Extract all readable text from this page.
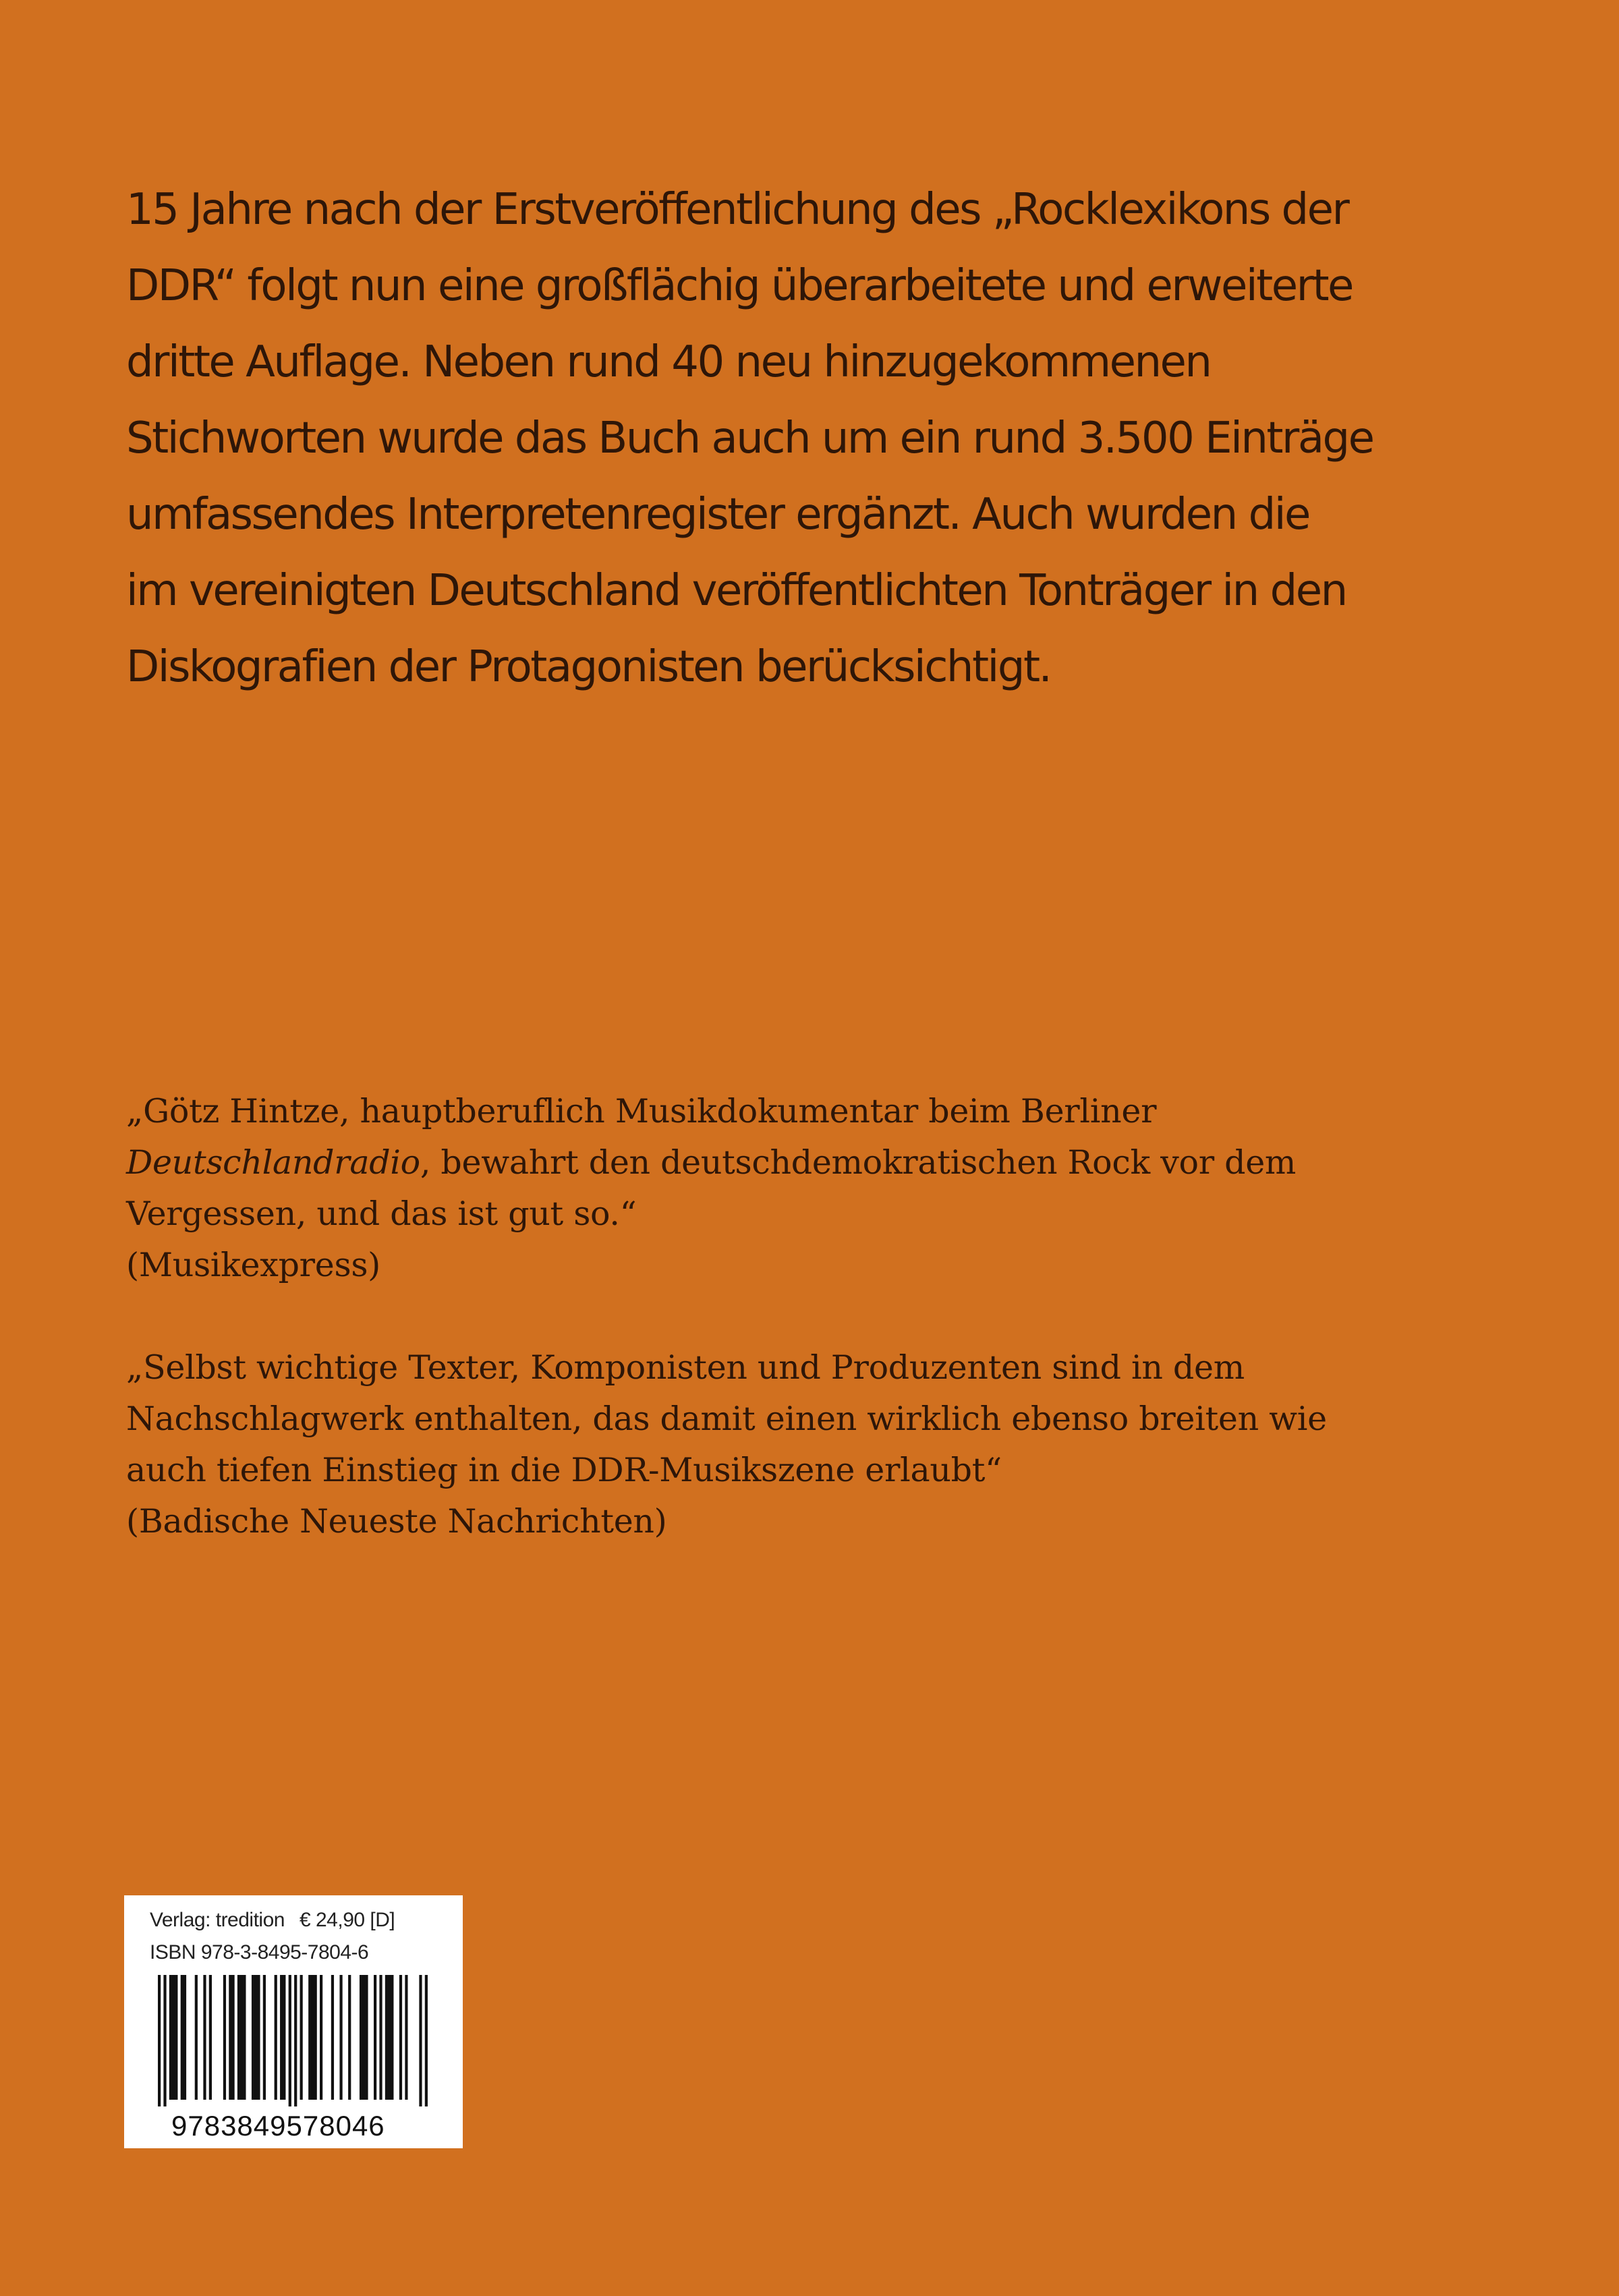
15 Jahre nach der Erstveröffentlichung des „Rocklexikons der
DDR“ folgt nun eine großflächig überarbeitete und erweiterte
dritte Auflage. Neben rund 40 neu hinzugekommenen
Stichworten wurde das Buch auch um ein rund 3.500 Einträge
umfassendes Interpretenregister ergänzt. Auch wurden die
im vereinigten Deutschland veröffentlichten Tonträger in den
Diskografien der Protagonisten berücksichtigt.
„Götz Hintze, hauptberuflich Musikdokumentar beim Berliner
Deutschlandradio, bewahrt den deutschdemokratischen Rock vor dem
Vergessen, und das ist gut so.“
(Musikexpress)
„Selbst wichtige Texter, Komponisten und Produzenten sind in dem
Nachschlagwerk enthalten, das damit einen wirklich ebenso breiten wie
auch tiefen Einstieg in die DDR-Musikszene erlaubt“
(Badische Neueste Nachrichten)
Verlag: tredition € 24,90 [D]
ISBN 978-3-8495-7804-6
9783849578046
